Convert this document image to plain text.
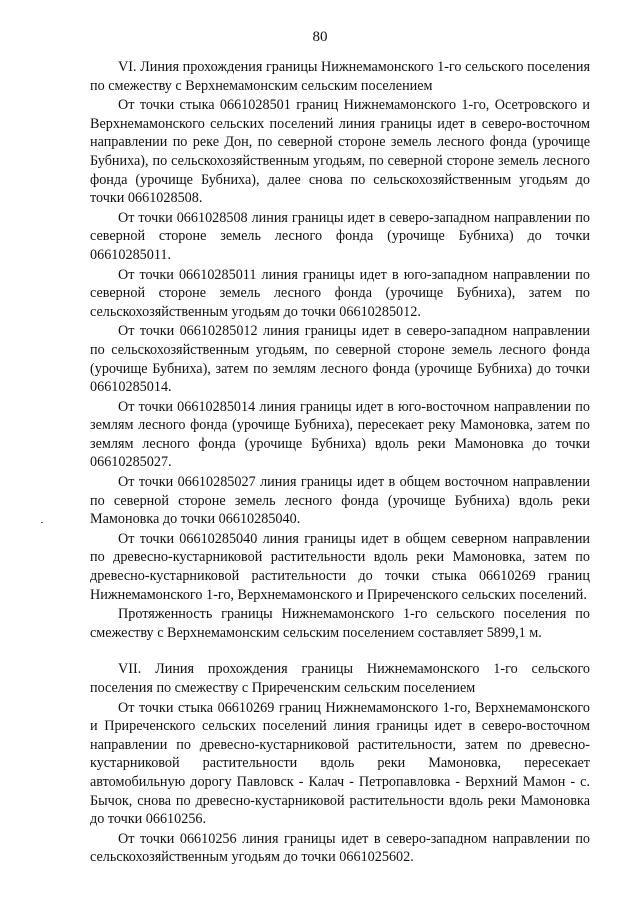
80

VI. Линия прохождения границы Нижнемамонского 1-го сельского поселения по смежеству с Верхнемамонским сельским поселением

От точки стыка 0661028501 границ Нижнемамонского 1-го, Осетровского и Верхнемамонского сельских поселений линия границы идет в северо-восточном направлении по реке Дон, по северной стороне земель лесного фонда (урочище Бубниха), по сельскохозяйственным угодьям, по северной стороне земель лесного фонда (урочище Бубниха), далее снова по сельскохозяйственным угодьям до точки 0661028508.

От точки 0661028508 линия границы идет в северо-западном направлении по северной стороне земель лесного фонда (урочище Бубниха) до точки 06610285011.

От точки 06610285011 линия границы идет в юго-западном направлении по северной стороне земель лесного фонда (урочище Бубниха), затем по сельскохозяйственным угодьям до точки 06610285012.

От точки 06610285012 линия границы идет в северо-западном направлении по сельскохозяйственным угодьям, по северной стороне земель лесного фонда (урочище Бубниха), затем по землям лесного фонда (урочище Бубниха) до точки 06610285014.

От точки 06610285014 линия границы идет в юго-восточном направлении по землям лесного фонда (урочище Бубниха), пересекает реку Мамоновка, затем по землям лесного фонда (урочище Бубниха) вдоль реки Мамоновка до точки 06610285027.

От точки 06610285027 линия границы идет в общем восточном направлении по северной стороне земель лесного фонда (урочище Бубниха) вдоль реки Мамоновка до точки 06610285040.

От точки 06610285040 линия границы идет в общем северном направлении по древесно-кустарниковой растительности вдоль реки Мамоновка, затем по древесно-кустарниковой растительности до точки стыка 06610269 границ Нижнемамонского 1-го, Верхнемамонского и Приреченского сельских поселений.

Протяженность границы Нижнемамонского 1-го сельского поселения по смежеству с Верхнемамонским сельским поселением составляет 5899,1 м.

VII. Линия прохождения границы Нижнемамонского 1-го сельского поселения по смежеству с Приреченским сельским поселением

От точки стыка 06610269 границ Нижнемамонского 1-го, Верхнемамонского и Приреченского сельских поселений линия границы идет в северо-восточном направлении по древесно-кустарниковой растительности, затем по древесно-кустарниковой растительности вдоль реки Мамоновка, пересекает автомобильную дорогу Павловск - Калач - Петропавловка - Верхний Мамон - с. Бычок, снова по древесно-кустарниковой растительности вдоль реки Мамоновка до точки 06610256.

От точки 06610256 линия границы идет в северо-западном направлении по сельскохозяйственным угодьям до точки 0661025602.
